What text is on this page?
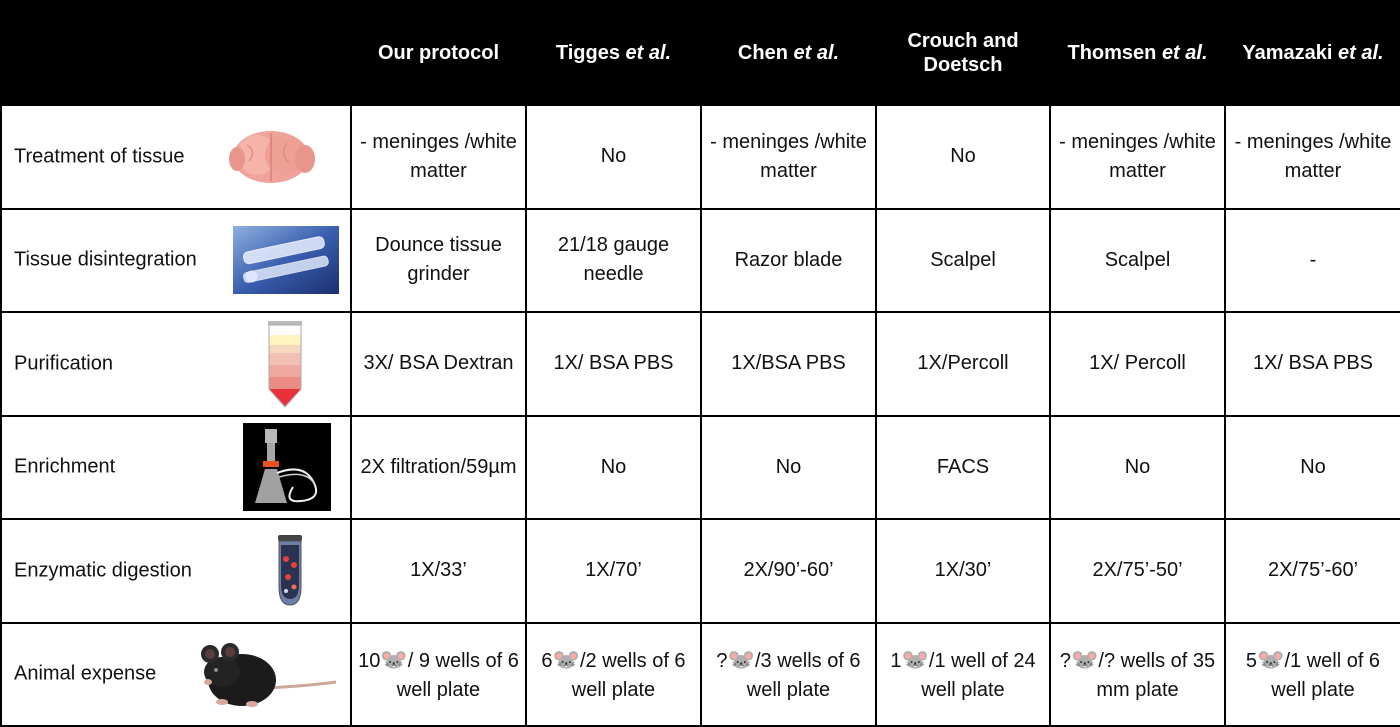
	Our protocol	Tigges et al.	Chen et al.	Crouch and Doetsch	Thomsen et al.	Yamazaki et al.

Treatment of tissue	- meninges /white matter	No	- meninges /white matter	No	- meninges /white matter	- meninges /white matter

Tissue disintegration	Dounce tissue grinder	21/18 gauge needle	Razor blade	Scalpel	Scalpel	-

Purification	3X/ BSA Dextran	1X/ BSA PBS	1X/BSA PBS	1X/Percoll	1X/ Percoll	1X/ BSA PBS

Enrichment	2X filtration/59µm	No	No	FACS	No	No

Enzymatic digestion	1X/33’	1X/70’	2X/90’-60’	1X/30’	2X/75’-50’	2X/75’-60’

Animal expense	10🐭/ 9 wells of 6 well plate	6🐭/2 wells of 6 well plate	?🐭/3 wells of 6 well plate	1🐭/1 well of 24 well plate	?🐭/? wells of 35 mm plate	5🐭/1 well of 6 well plate
